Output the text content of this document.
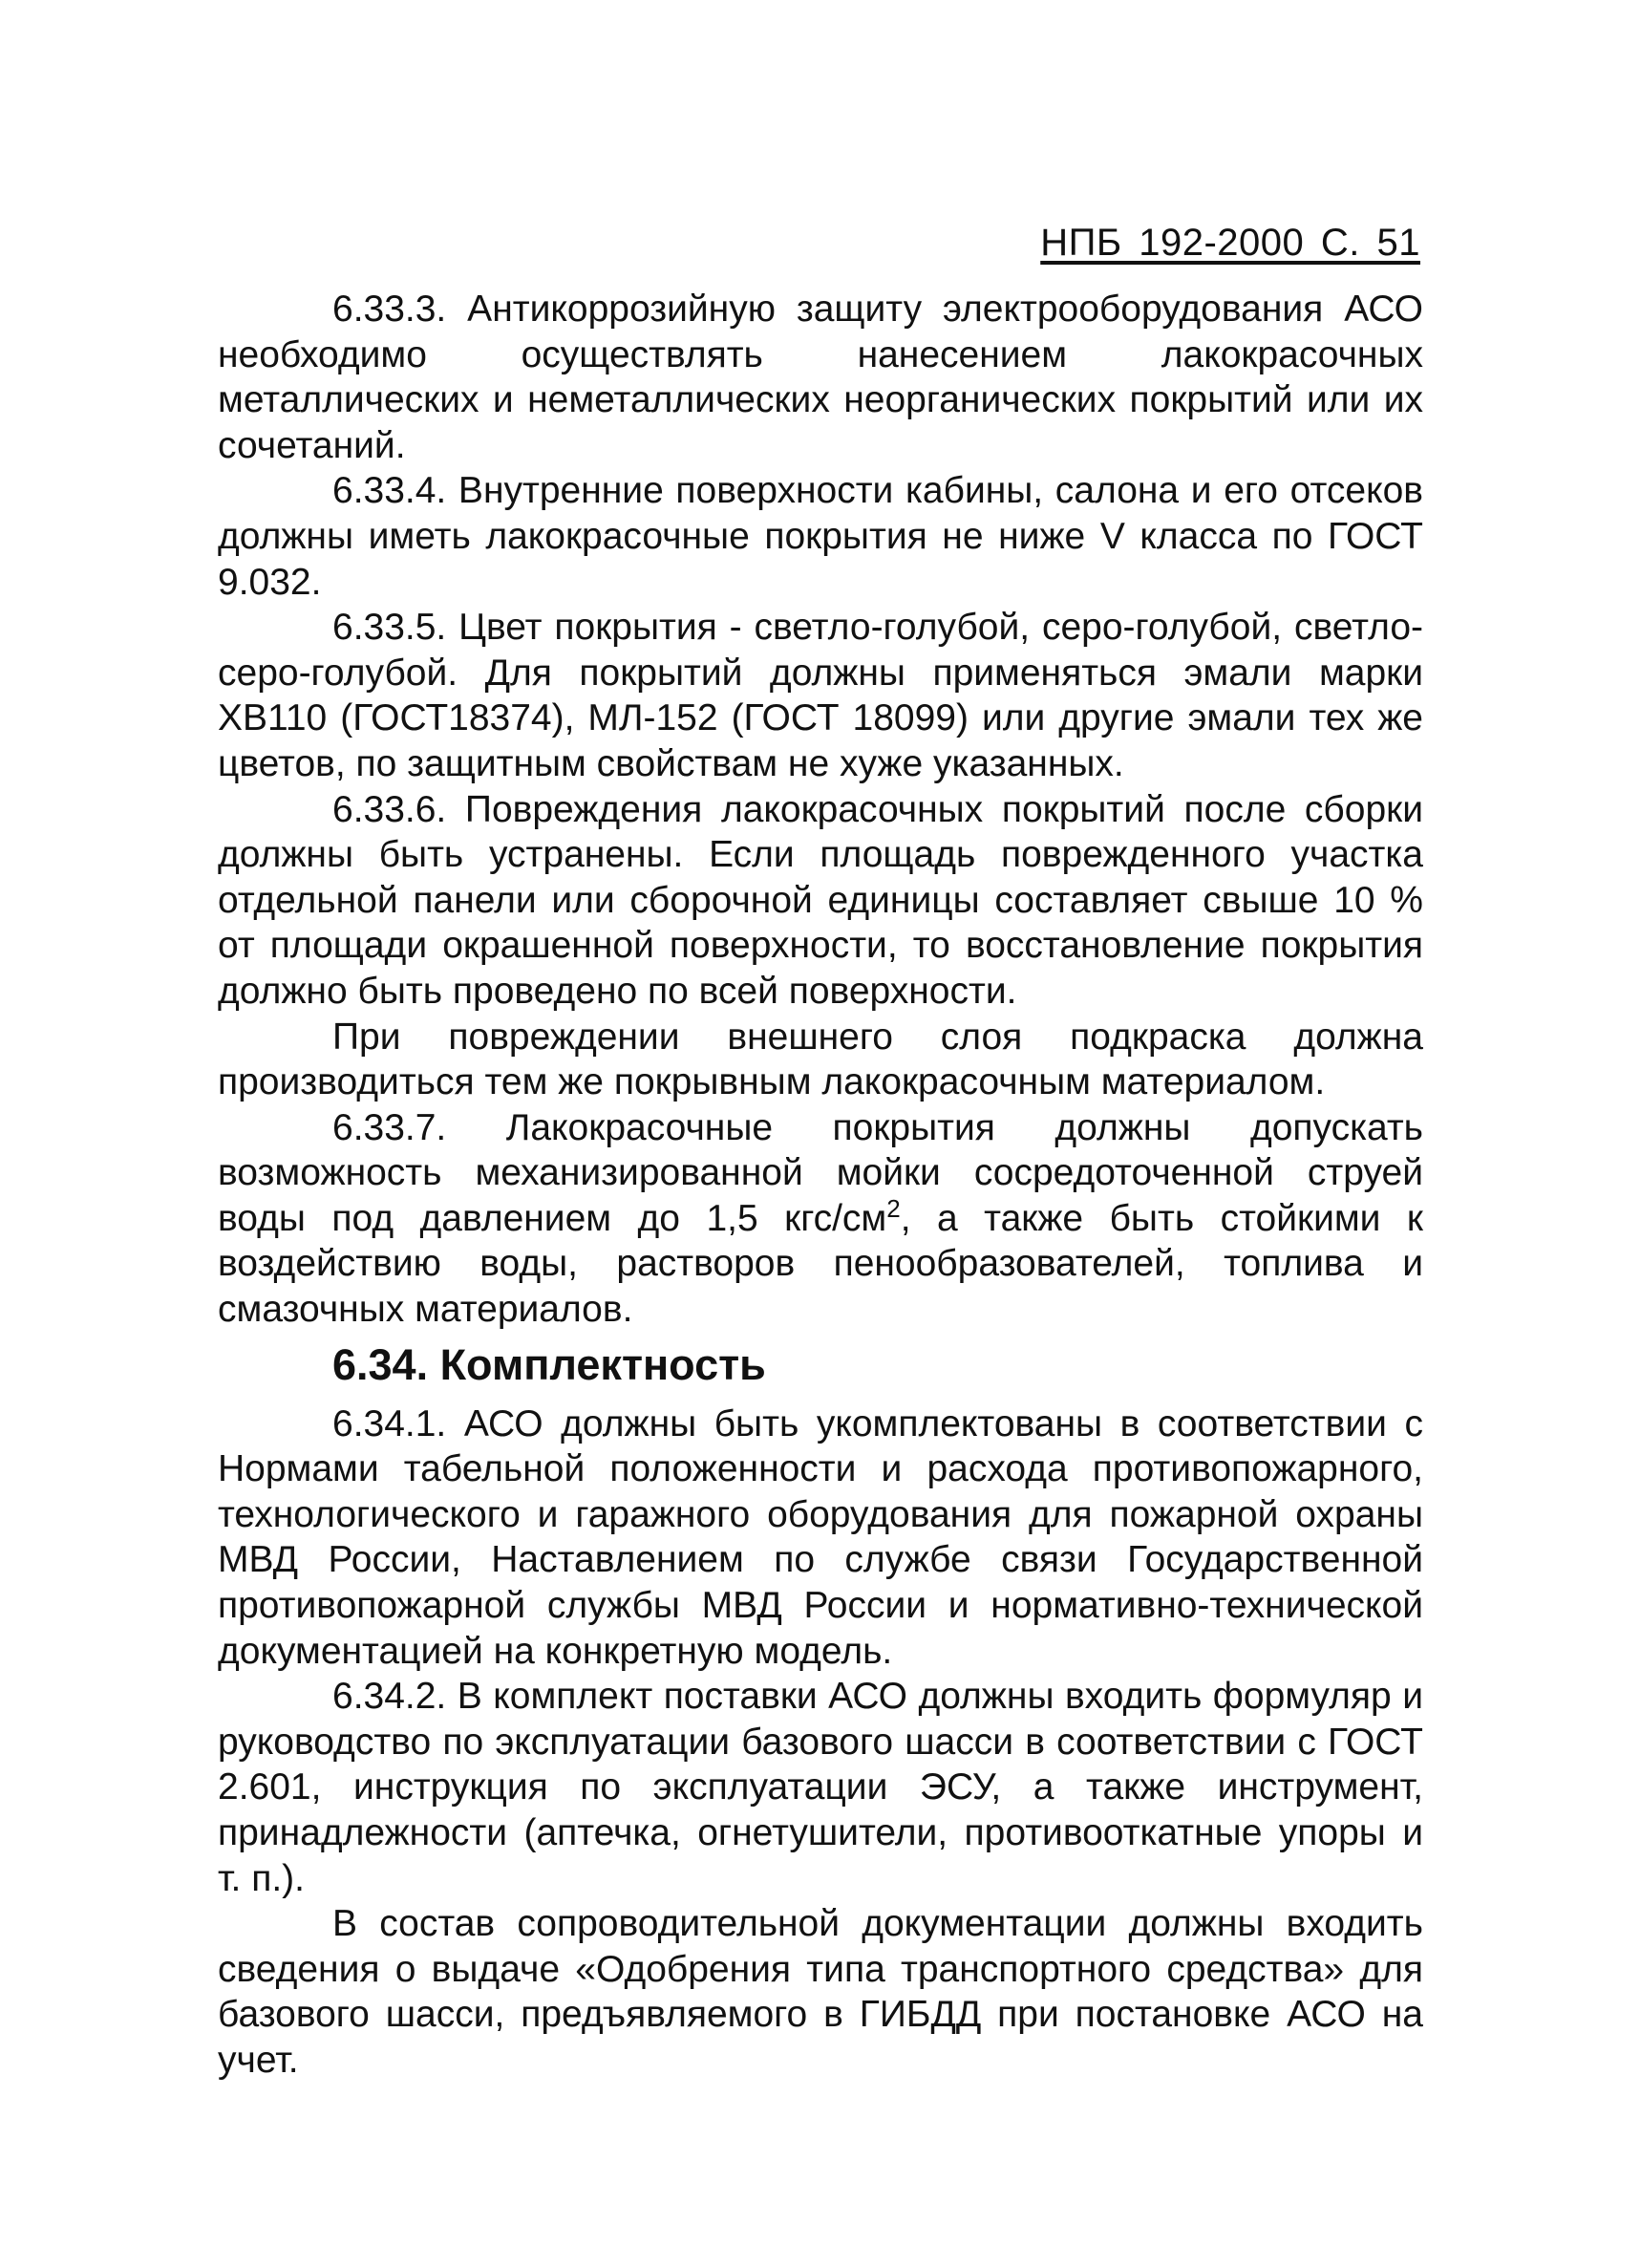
НПБ 192-2000 С. 51

6.33.3. Антикоррозийную защиту электрооборудования АСО необходимо осуществлять нанесением лакокрасочных металлических и неметаллических неорганических покрытий или их сочетаний.

6.33.4. Внутренние поверхности кабины, салона и его отсеков должны иметь лакокрасочные покрытия не ниже V класса по ГОСТ 9.032.

6.33.5. Цвет покрытия - светло-голубой, серо-голубой, светло-серо-голубой. Для покрытий должны применяться эмали марки ХВ110 (ГОСТ18374), МЛ-152 (ГОСТ 18099) или другие эмали тех же цветов, по защитным свойствам не хуже указанных.

6.33.6. Повреждения лакокрасочных покрытий после сборки должны быть устранены. Если площадь поврежденного участка отдельной панели или сборочной единицы составляет свыше 10 % от площади окрашенной поверхности, то восстановление покрытия должно быть проведено по всей поверхности.

При повреждении внешнего слоя подкраска должна производиться тем же покрывным лакокрасочным материалом.

6.33.7. Лакокрасочные покрытия должны допускать возможность механизированной мойки сосредоточенной струей воды под давлением до 1,5 кгс/$см^2$, а также быть стойкими к воздействию воды, растворов пенообразователей, топлива и смазочных материалов.

6.34. Комплектность

6.34.1. АСО должны быть укомплектованы в соответствии с Нормами табельной положенности и расхода противопожарного, технологического и гаражного оборудования для пожарной охраны МВД России, Наставлением по службе связи Государственной противопожарной службы МВД России и нормативно-технической документацией на конкретную модель.

6.34.2. В комплект поставки АСО должны входить формуляр и руководство по эксплуатации базового шасси в соответствии с ГОСТ 2.601, инструкция по эксплуатации ЭСУ, а также инструмент, принадлежности (аптечка, огнетушители, противооткатные упоры и т. п.).

В состав сопроводительной документации должны входить сведения о выдаче «Одобрения типа транспортного средства» для базового шасси, предъявляемого в ГИБДД при постановке АСО на учет.
